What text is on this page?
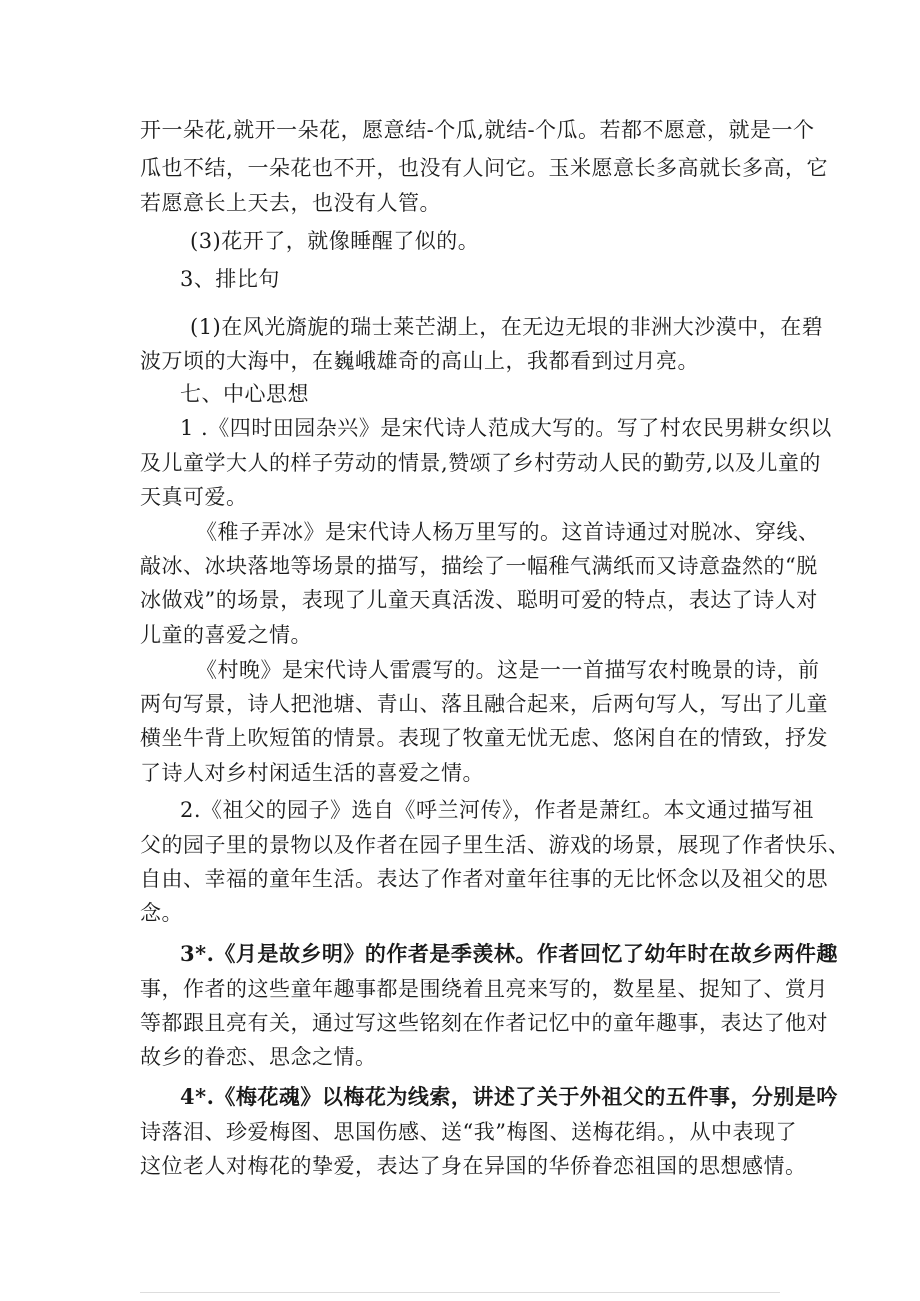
开一朵花,就开一朵花，愿意结-个瓜,就结-个瓜。若都不愿意，就是一个
瓜也不结，一朵花也不开，也没有人问它。玉米愿意长多高就长多高，它
若愿意长上天去，也没有人管。
(3)花开了，就像睡醒了似的。
3、排比句
(1)在风光旖旎的瑞士莱芒湖上，在无边无垠的非洲大沙漠中，在碧
波万顷的大海中，在巍峨雄奇的高山上，我都看到过月亮。
七、中心思想
1 .《四时田园杂兴》是宋代诗人范成大写的。写了村农民男耕女织以
及儿童学大人的样子劳动的情景,赞颂了乡村劳动人民的勤劳,以及儿童的
天真可爱。
《稚子弄冰》是宋代诗人杨万里写的。这首诗通过对脱冰、穿线、
敲冰、冰块落地等场景的描写，描绘了一幅稚气满纸而又诗意盎然的“脱
冰做戏”的场景，表现了儿童天真活泼、聪明可爱的特点，表达了诗人对
儿童的喜爱之情。
《村晚》是宋代诗人雷震写的。这是一一首描写农村晚景的诗，前
两句写景，诗人把池塘、青山、落且融合起来，后两句写人，写出了儿童
横坐牛背上吹短笛的情景。表现了牧童无忧无虑、悠闲自在的情致，抒发
了诗人对乡村闲适生活的喜爱之情。
2.《祖父的园子》选自《呼兰河传》，作者是萧红。本文通过描写祖
父的园子里的景物以及作者在园子里生活、游戏的场景，展现了作者快乐、
自由、幸福的童年生活。表达了作者对童年往事的无比怀念以及祖父的思
念。
3*.《月是故乡明》的作者是季羡林。作者回忆了幼年时在故乡两件趣
事，作者的这些童年趣事都是围绕着且亮来写的，数星星、捉知了、赏月
等都跟且亮有关，通过写这些铭刻在作者记忆中的童年趣事，表达了他对
故乡的眷恋、思念之情。
4*.《梅花魂》以梅花为线索，讲述了关于外祖父的五件事，分别是吟
诗落泪、珍爱梅图、思国伤感、送“我”梅图、送梅花绢。，从中表现了
这位老人对梅花的挚爱，表达了身在异国的华侨眷恋祖国的思想感情。
